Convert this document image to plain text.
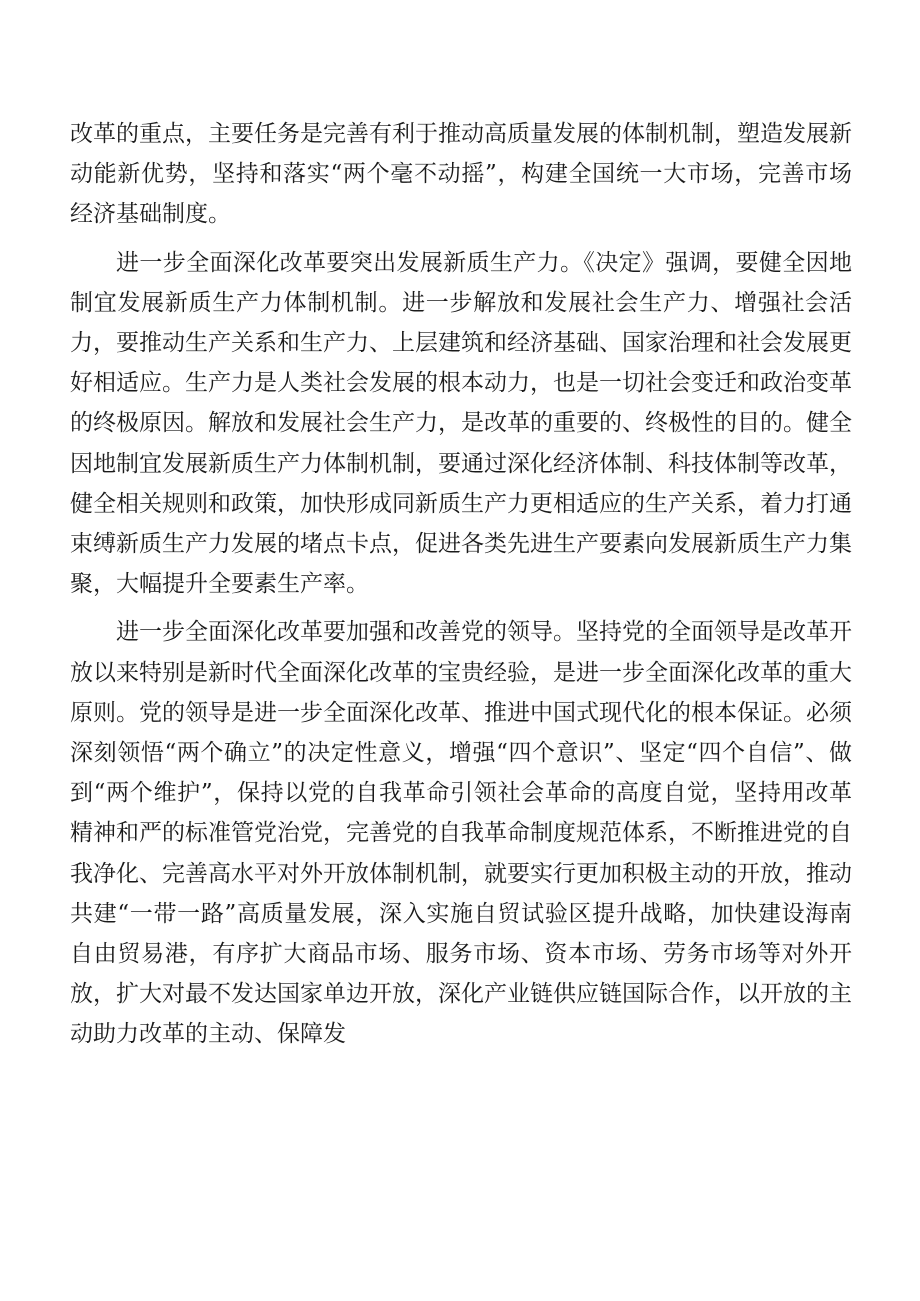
改革的重点，主要任务是完善有利于推动高质量发展的体制机制，塑造发展新动能新优势，坚持和落实“两个毫不动摇”，构建全国统一大市场，完善市场经济基础制度。

进一步全面深化改革要突出发展新质生产力。《决定》强调，要健全因地制宜发展新质生产力体制机制。进一步解放和发展社会生产力、增强社会活力，要推动生产关系和生产力、上层建筑和经济基础、国家治理和社会发展更好相适应。生产力是人类社会发展的根本动力，也是一切社会变迁和政治变革的终极原因。解放和发展社会生产力，是改革的重要的、终极性的目的。健全因地制宜发展新质生产力体制机制，要通过深化经济体制、科技体制等改革，健全相关规则和政策，加快形成同新质生产力更相适应的生产关系，着力打通束缚新质生产力发展的堵点卡点，促进各类先进生产要素向发展新质生产力集聚，大幅提升全要素生产率。

进一步全面深化改革要加强和改善党的领导。坚持党的全面领导是改革开放以来特别是新时代全面深化改革的宝贵经验，是进一步全面深化改革的重大原则。党的领导是进一步全面深化改革、推进中国式现代化的根本保证。必须深刻领悟“两个确立”的决定性意义，增强“四个意识”、坚定“四个自信”、做到“两个维护”，保持以党的自我革命引领社会革命的高度自觉，坚持用改革精神和严的标准管党治党，完善党的自我革命制度规范体系，不断推进党的自我净化、完善高水平对外开放体制机制，就要实行更加积极主动的开放，推动共建“一带一路”高质量发展，深入实施自贸试验区提升战略，加快建设海南自由贸易港，有序扩大商品市场、服务市场、资本市场、劳务市场等对外开放，扩大对最不发达国家单边开放，深化产业链供应链国际合作，以开放的主动助力改革的主动、保障发
